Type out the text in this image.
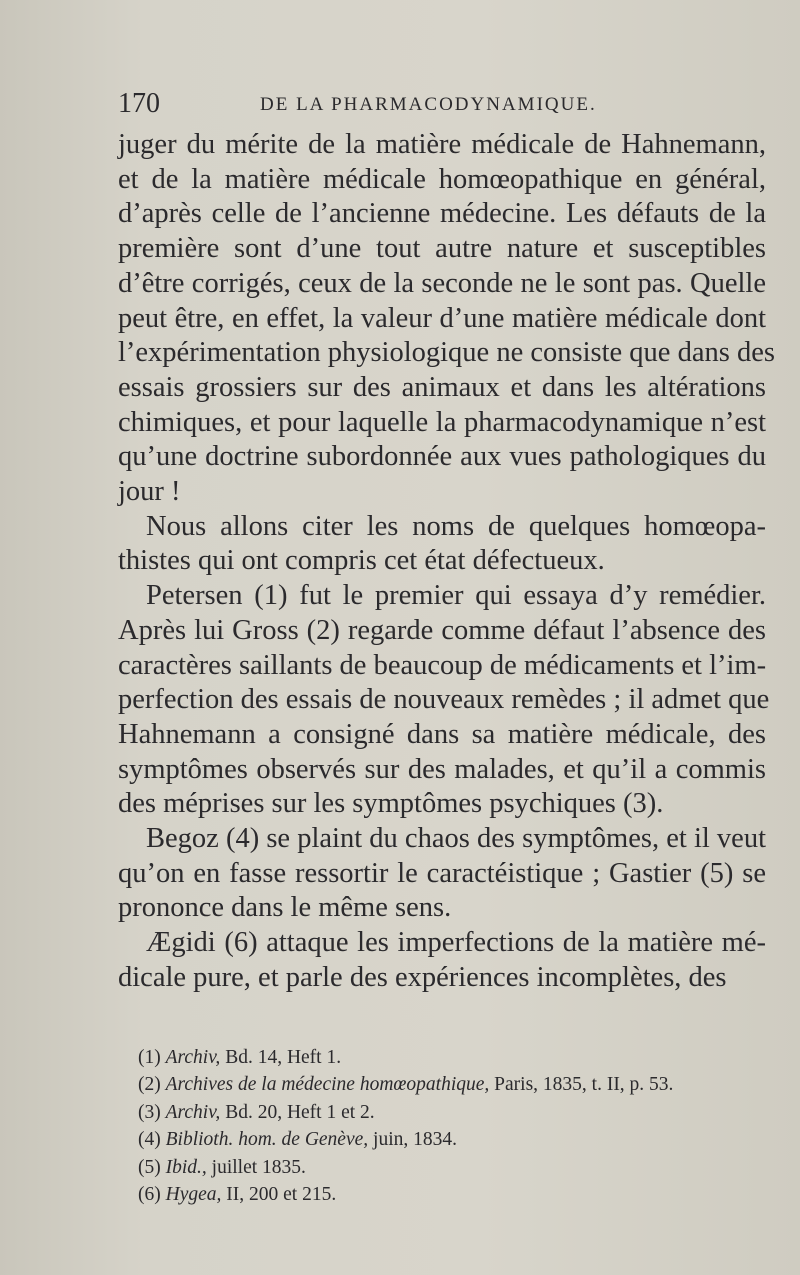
170	DE LA PHARMACODYNAMIQUE.

juger du mérite de la matière médicale de Hahnemann,
et de la matière médicale homœopathique en général,
d’après celle de l’ancienne médecine. Les défauts de la
première sont d’une tout autre nature et susceptibles
d’être corrigés, ceux de la seconde ne le sont pas. Quelle
peut être, en effet, la valeur d’une matière médicale dont
l’expérimentation physiologique ne consiste que dans des
essais grossiers sur des animaux et dans les altérations
chimiques, et pour laquelle la pharmacodynamique n’est
qu’une doctrine subordonnée aux vues pathologiques du
jour !

Nous allons citer les noms de quelques homœopa-
thistes qui ont compris cet état défectueux.

Petersen (1) fut le premier qui essaya d’y remédier.
Après lui Gross (2) regarde comme défaut l’absence des
caractères saillants de beaucoup de médicaments et l’im-
perfection des essais de nouveaux remèdes ; il admet que
Hahnemann a consigné dans sa matière médicale, des
symptômes observés sur des malades, et qu’il a commis
des méprises sur les symptômes psychiques (3).

Begoz (4) se plaint du chaos des symptômes, et il veut
qu’on en fasse ressortir le caractéistique ; Gastier (5) se
prononce dans le même sens.

Ægidi (6) attaque les imperfections de la matière mé-
dicale pure, et parle des expériences incomplètes, des

(1) Archiv, Bd. 14, Heft 1.
(2) Archives de la médecine homœopathique, Paris, 1835, t. II, p. 53.
(3) Archiv, Bd. 20, Heft 1 et 2.
(4) Biblioth. hom. de Genève, juin, 1834.
(5) Ibid., juillet 1835.
(6) Hygea, II, 200 et 215.
